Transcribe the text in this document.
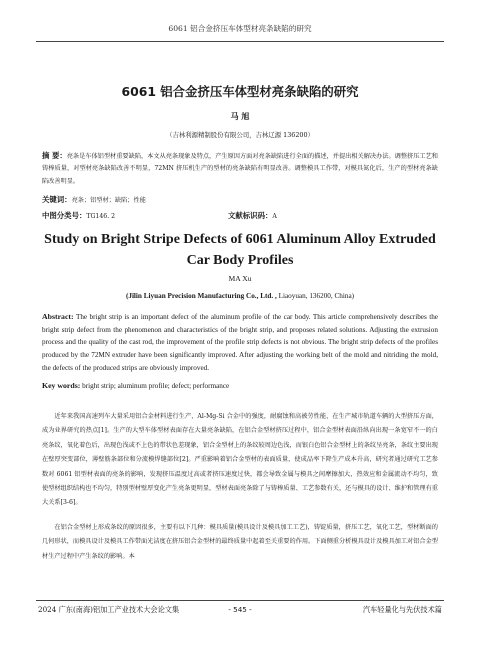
6061 铝合金挤压车体型材亮条缺陷的研究
6061 铝合金挤压车体型材亮条缺陷的研究
马 旭
（吉林利源精制股份有限公司，吉林辽源 136200）
摘 要：亮条是车体铝型材重要缺陷，本文从亮条现象及特点，产生原因方面对亮条缺陷进行全面的描述，并提出相关解决办法。调整挤压工艺和铸棒质量，对型材亮条缺陷改善不明显，72MN 挤压机生产的型材的亮条缺陷有明显改善。调整模具工作带，对模具氮化后，生产的型材亮条缺陷改善明显。
关键词：亮条；铝型材；缺陷；性能
中图分类号：TG146. 2	文献标识码：A
Study on Bright Stripe Defects of 6061 Aluminum Alloy Extruded Car Body Profiles
MA Xu
(Jilin Liyuan Precision Manufacturing Co., Ltd. , Liaoyuan, 136200, China)
Abstract: The bright strip is an important defect of the aluminum profile of the car body. This article comprehensively describes the bright strip defect from the phenomenon and characteristics of the bright strip, and proposes related solutions. Adjusting the extrusion process and the quality of the cast rod, the improvement of the profile strip defects is not obvious. The bright strip defects of the profiles produced by the 72MN extruder have been significantly improved. After adjusting the working belt of the mold and nitriding the mold, the defects of the produced strips are obviously improved.
Key words: bright strip; aluminum profile; defect; performance

近年来我国高速列车大量采用铝合金材料进行生产，Al-Mg-Si 合金中的强度，耐腐蚀和高被劳性能，在生产城市轨道车辆的大型挤压方面，成为业界研究的热点[1]。生产的大型车体型材表面存在大量亮条缺陷，在铝合金型材挤压过程中，铝合金型材表面沿纵向出现一条宽窄不一的白亮条纹，氧化着色后，出现色浅或不上色的带状色差现象，铝合金型材上的条纹较周边色浅，而银白色铝合金型材上的条纹呈亮条，条纹主要出现在壁厚突变部位，薄壁筋条部位和分流模焊缝部位[2]。严重影响着铝合金型材的表面质量，使成品率下降生产成本升高，研究者通过研究工艺参数对 6061 铝型材表面的亮条的影响，发现挤压温度过高或者挤压速度过快，都会导致金属与模具之间摩擦加大，热效应和金属流动不均匀，致使型材组织结构也不均匀，特别型材壁厚变化产生亮条更明显，型材表面亮条除了与铸棒质量、工艺参数有关，还与模具的设计、维护和管理有重大关系[3-6]。

在铝合金型材上形成条纹的原因很多，主要有以下几种：模具质量(模具设计及模具加工工艺)，铸锭质量，挤压工艺，氧化工艺，型材断面的几何形状，而模具设计及模具工作带面光洁度在挤压铝合金型材的最终质量中起着至关重要的作用。下面侧重分析模具设计及模具加工对铝合金型材生产过程中产生条纹的影响。本

2024 广东(南海)铝加工产业技术大会论文集	- 545 -	汽车轻量化与先伏技术篇
